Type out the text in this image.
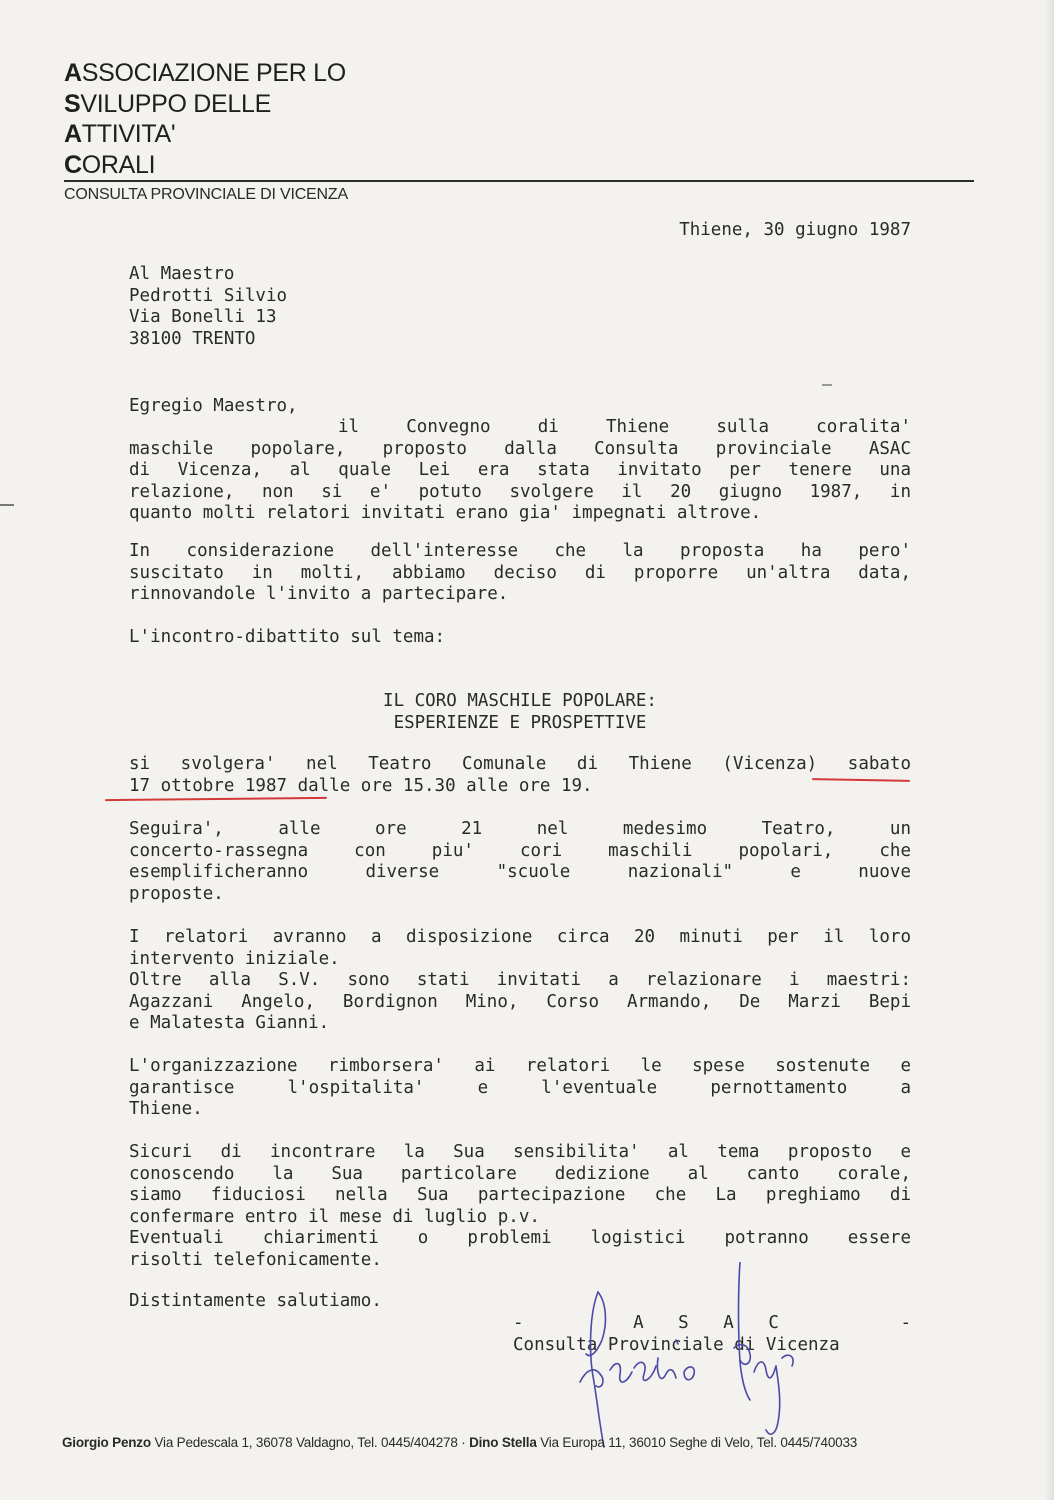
ASSOCIAZIONE PER LO
SVILUPPO DELLE
ATTIVITA'
CORALI
CONSULTA PROVINCIALE DI VICENZA
Thiene, 30 giugno 1987
Al Maestro
Pedrotti Silvio
Via Bonelli 13
38100 TRENTO
Egregio Maestro,
il Convegno di Thiene sulla coralita'
maschile popolare, proposto dalla Consulta provinciale ASAC
di Vicenza, al quale Lei era stata invitato per tenere una
relazione, non si e' potuto svolgere il 20 giugno 1987, in
quanto molti relatori invitati erano gia' impegnati altrove.
In considerazione dell'interesse che la proposta ha pero'
suscitato in molti, abbiamo deciso di proporre un'altra data,
rinnovandole l'invito a partecipare.
L'incontro-dibattito sul tema:
IL CORO MASCHILE POPOLARE:
ESPERIENZE E PROSPETTIVE
si svolgera' nel Teatro Comunale di Thiene (Vicenza) sabato
17 ottobre 1987 dalle ore 15.30 alle ore 19.
Seguira', alle ore 21 nel medesimo Teatro, un
concerto-rassegna con piu' cori maschili popolari, che
esemplificheranno diverse "scuole nazionali" e nuove
proposte.
I relatori avranno a disposizione circa 20 minuti per il loro
intervento iniziale.
Oltre alla S.V. sono stati invitati a relazionare i maestri:
Agazzani Angelo, Bordignon Mino, Corso Armando, De Marzi Bepi
e Malatesta Gianni.
L'organizzazione rimborsera' ai relatori le spese sostenute e
garantisce l'ospitalita' e l'eventuale pernottamento a
Thiene.
Sicuri di incontrare la Sua sensibilita' al tema proposto e
conoscendo la Sua particolare dedizione al canto corale,
siamo fiduciosi nella Sua partecipazione che La preghiamo di
confermare entro il mese di luglio p.v.
Eventuali chiarimenti o problemi logistici potranno essere
risolti telefonicamente.
Distintamente salutiamo.
-	A S A C	-
Consulta Provinciale di Vicenza
Giorgio Penzo Via Pedescala 1, 36078 Valdagno, Tel. 0445/404278 · Dino Stella Via Europa 11, 36010 Seghe di Velo, Tel. 0445/740033
